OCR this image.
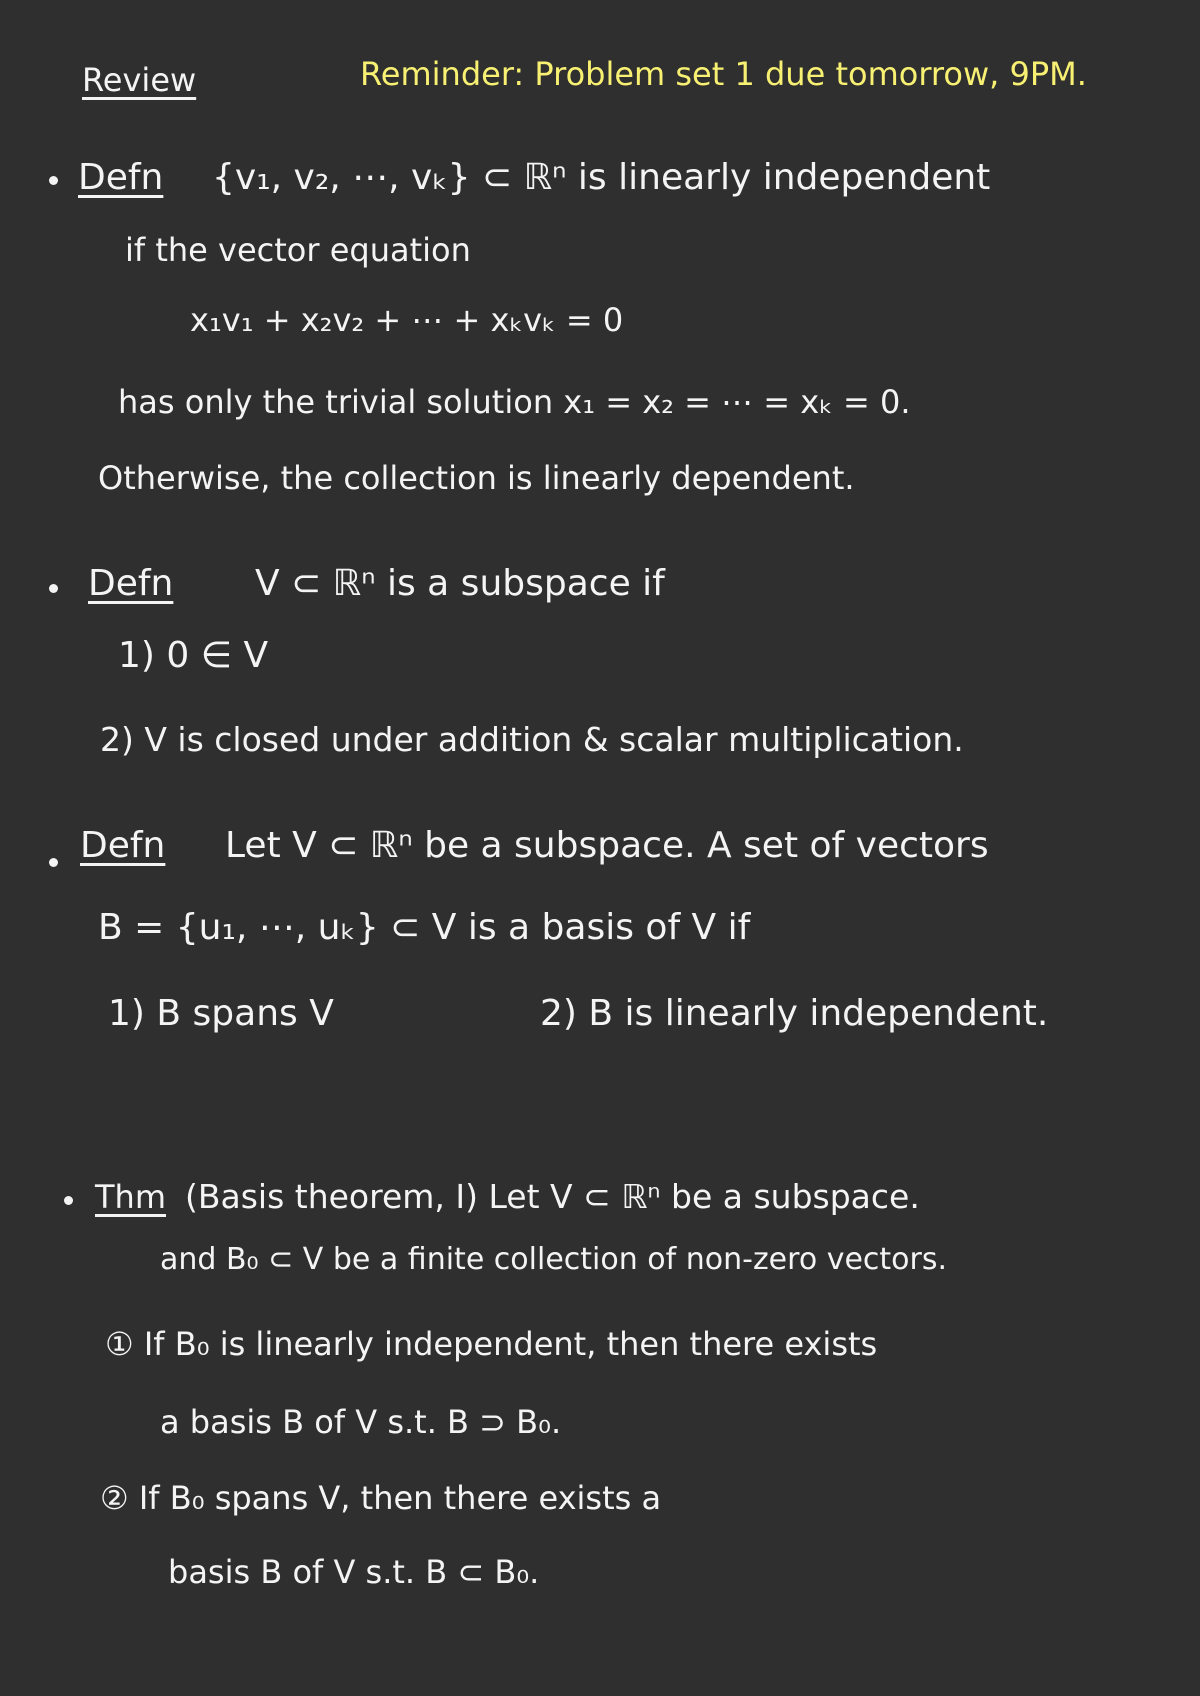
Review	Reminder: Problem set 1 due tomorrow, 9PM.
Defn {v₁, v₂, ⋯, vₖ} ⊂ ℝⁿ is linearly independent
if the vector equation
x₁v₁ + x₂v₂ + ⋯ + xₖvₖ = 0
has only the trivial solution x₁ = x₂ = ⋯ = xₖ = 0.
Otherwise, the collection is linearly dependent.
Defn V ⊂ ℝⁿ is a subspace if
1) 0 ∈ V
2) V is closed under addition & scalar multiplication.
Defn Let V ⊂ ℝⁿ be a subspace. A set of vectors
B = {u₁, ⋯, uₖ} ⊂ V is a basis of V if
1) B spans V	2) B is linearly independent.
Thm (Basis theorem, I) Let V ⊂ ℝⁿ be a subspace.
and B₀ ⊂ V be a finite collection of non-zero vectors.
① If B₀ is linearly independent, then there exists
a basis B of V s.t. B ⊃ B₀.
② If B₀ spans V, then there exists a
basis B of V s.t. B ⊂ B₀.
